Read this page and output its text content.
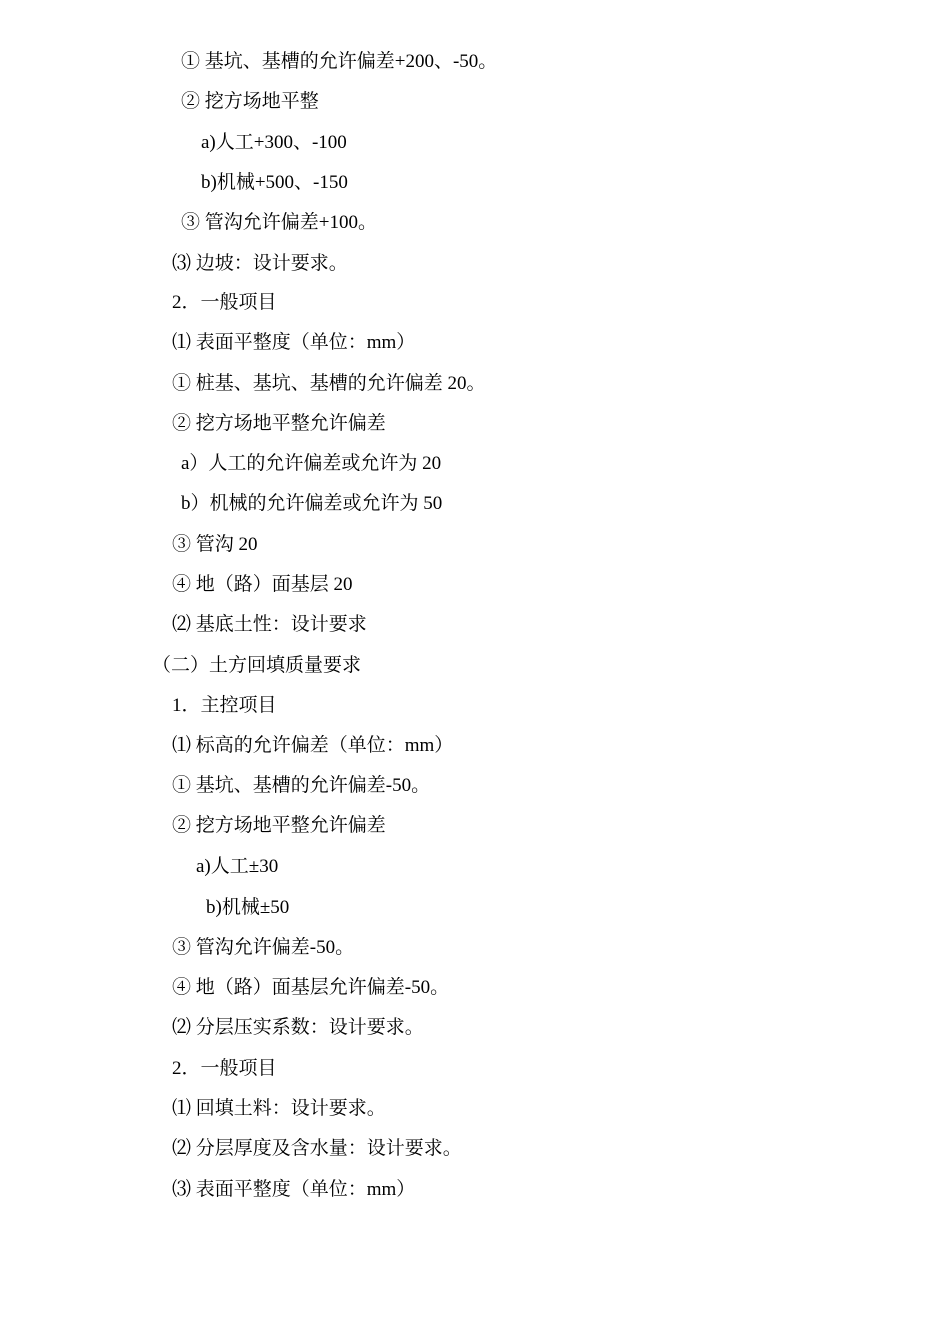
① 基坑、基槽的允许偏差+200、-50。
② 挖方场地平整
a)人工+300、-100
b)机械+500、-150
③ 管沟允许偏差+100。
⑶ 边坡：设计要求。
2．一般项目
⑴ 表面平整度（单位：mm）
① 桩基、基坑、基槽的允许偏差 20。
② 挖方场地平整允许偏差
a）人工的允许偏差或允许为 20
b）机械的允许偏差或允许为 50
③ 管沟 20
④ 地（路）面基层 20
⑵ 基底土性：设计要求
（二）土方回填质量要求
1．主控项目
⑴ 标高的允许偏差（单位：mm）
① 基坑、基槽的允许偏差-50。
② 挖方场地平整允许偏差
a)人工±30
b)机械±50
③ 管沟允许偏差-50。
④ 地（路）面基层允许偏差-50。
⑵ 分层压实系数：设计要求。
2．一般项目
⑴ 回填土料：设计要求。
⑵ 分层厚度及含水量：设计要求。
⑶ 表面平整度（单位：mm）
